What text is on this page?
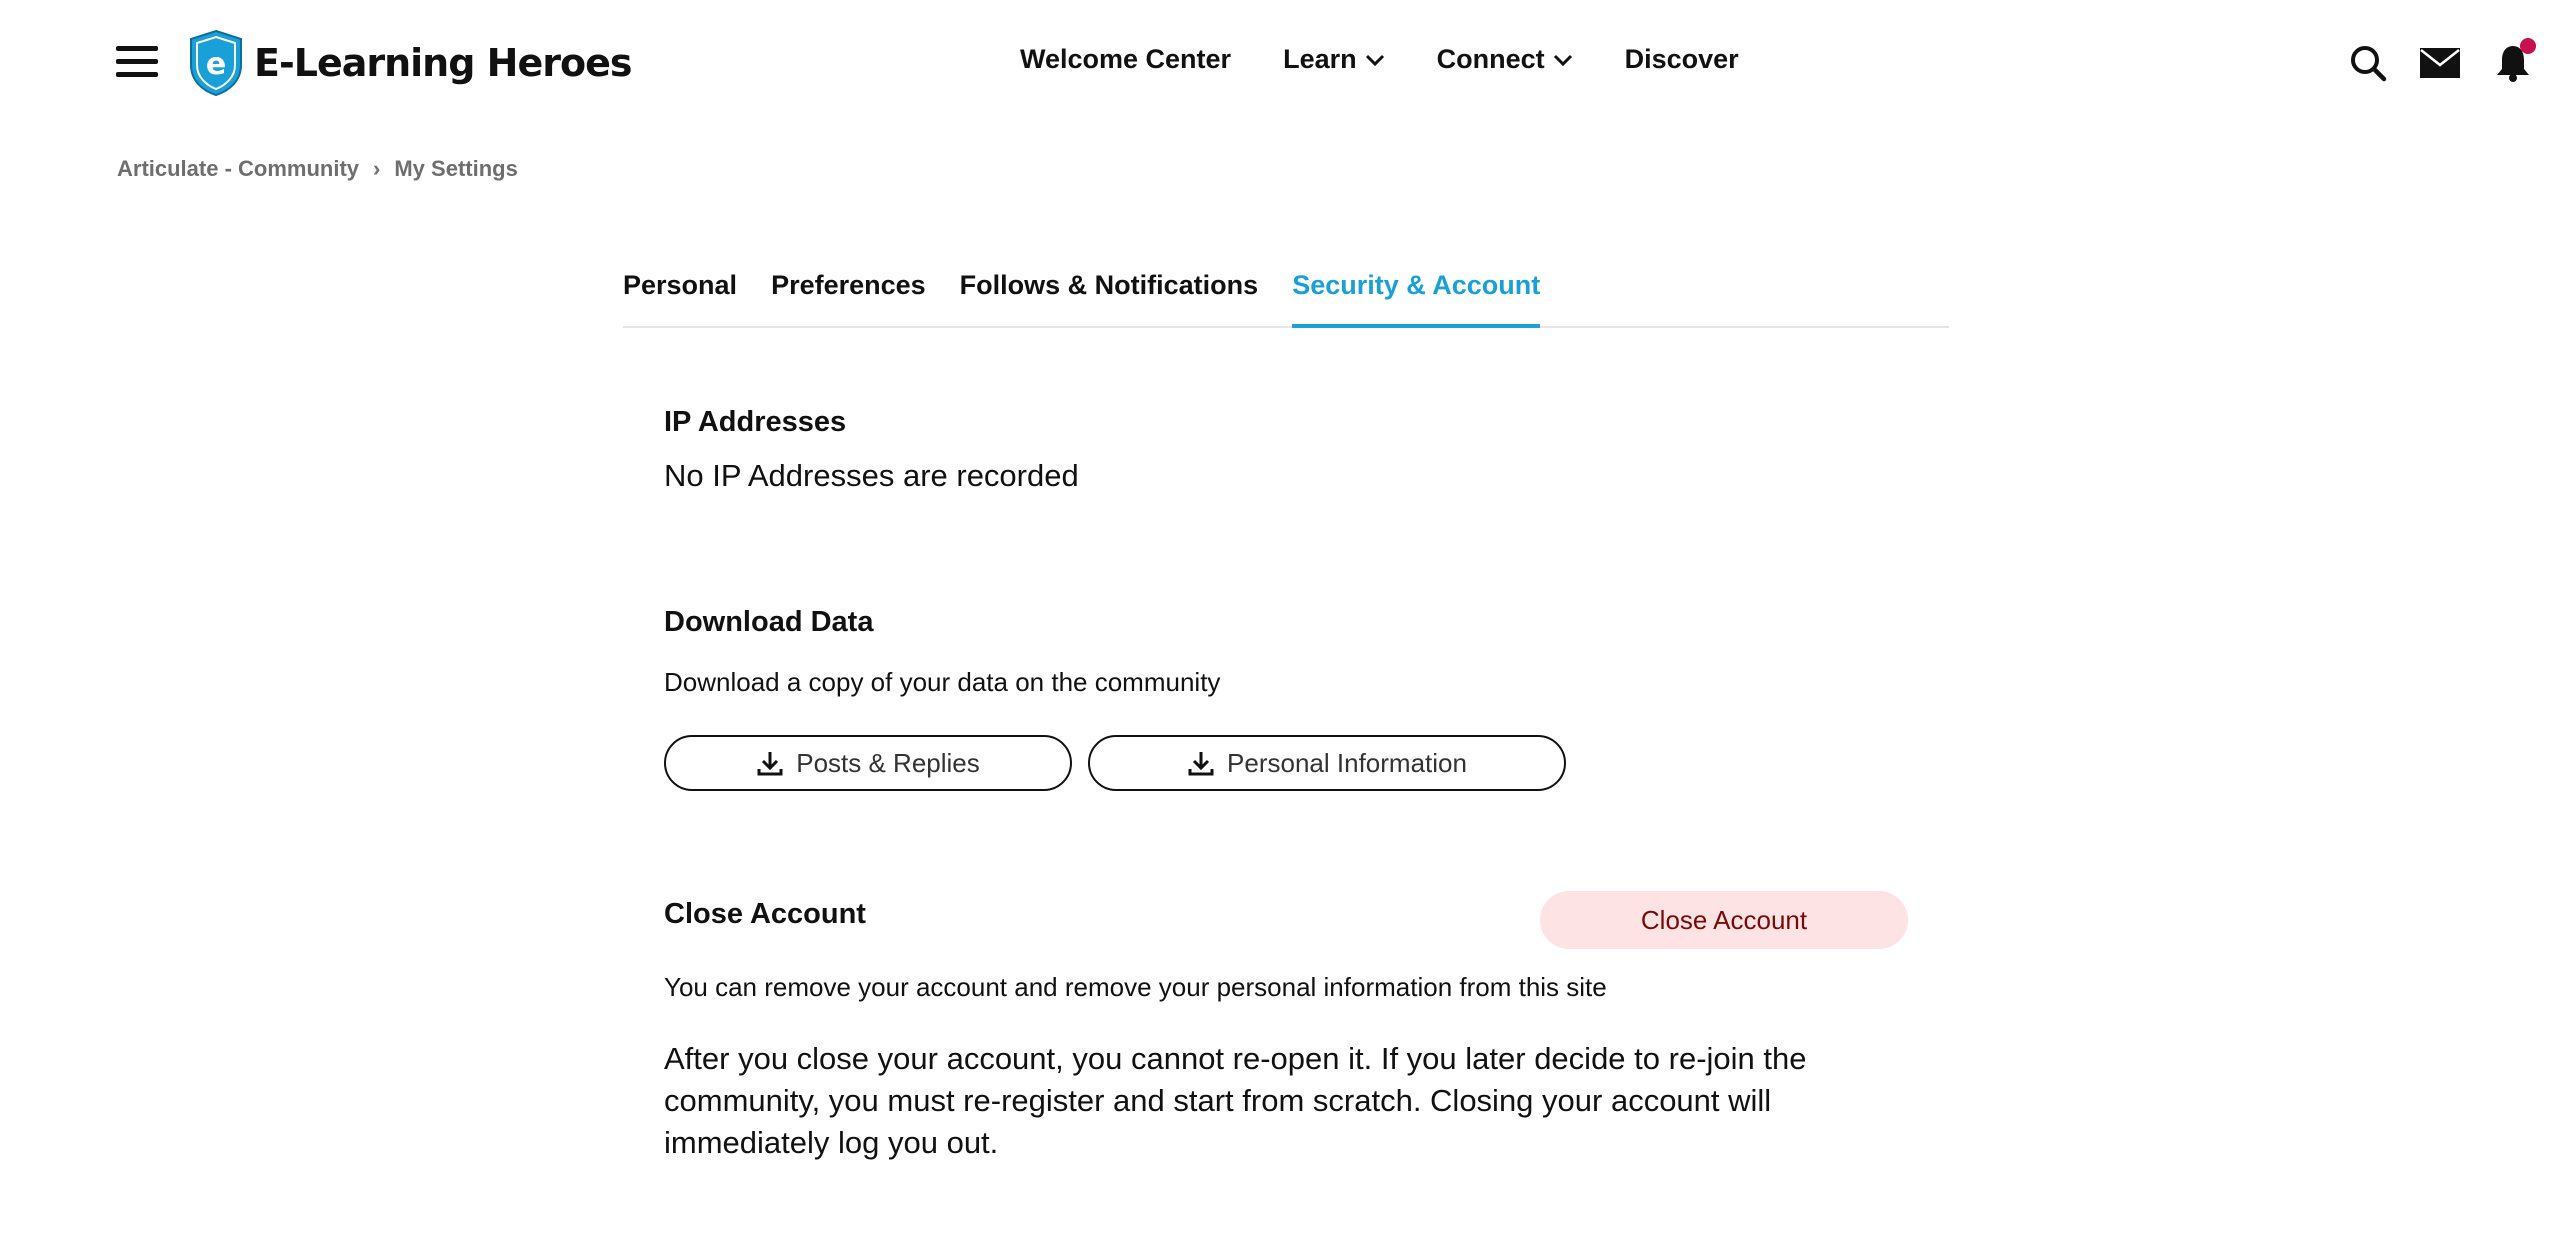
e E-Learning Heroes	Welcome Center Learn	Connect	Discover
Articulate - Community › My Settings
Personal Preferences Follows & Notifications Security & Account
IP Addresses
No IP Addresses are recorded
Download Data
Download a copy of your data on the community
Posts & Replies	Personal Information
Close Account	Close Account
You can remove your account and remove your personal information from this site
After you close your account, you cannot re-open it. If you later decide to re-join the community, you must re-register and start from scratch. Closing your account will immediately log you out.
